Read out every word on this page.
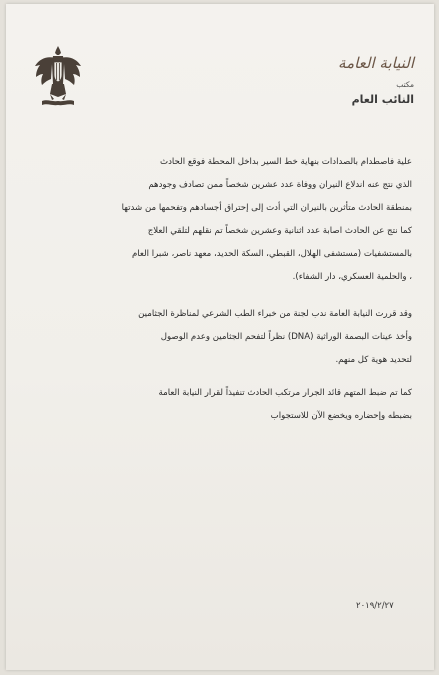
النيابة العامة
مكتب
النائب العام
علية فاصطدام بالصدادات بنهاية خط السير بداخل المحطة فوقع الحادث
الذي نتج عنه اندلاع النيران ووفاة عدد عشرين شخصاً ممن تصادف وجودهم
بمنطقة الحادث متأثرين بالنيران التي أدت إلى إحتراق أجسادهم وتفحمها من شدتها
كما نتج عن الحادث اصابة عدد اثنانية وعشرين شخصاً تم نقلهم لتلقي العلاج
بالمستشفيات (مستشفى الهلال، القبطي، السكة الحديد، معهد ناصر، شبرا العام
، والحلمية العسكري، دار الشفاء).
وقد قررت النيابة العامة ندب لجنة من خبراء الطب الشرعي لمناظرة الجثامين
وأخذ عينات البصمة الوراثية (DNA) نظراً لتفحم الجثامين وعدم الوصول
لتحديد هوية كل منهم.
كما تم ضبط المتهم قائد الجرار مرتكب الحادث تنفيذاً لقرار النيابة العامة
بضبطه وإحضاره ويخضع الآن للاستجواب
٢٠١٩/٢/٢٧
